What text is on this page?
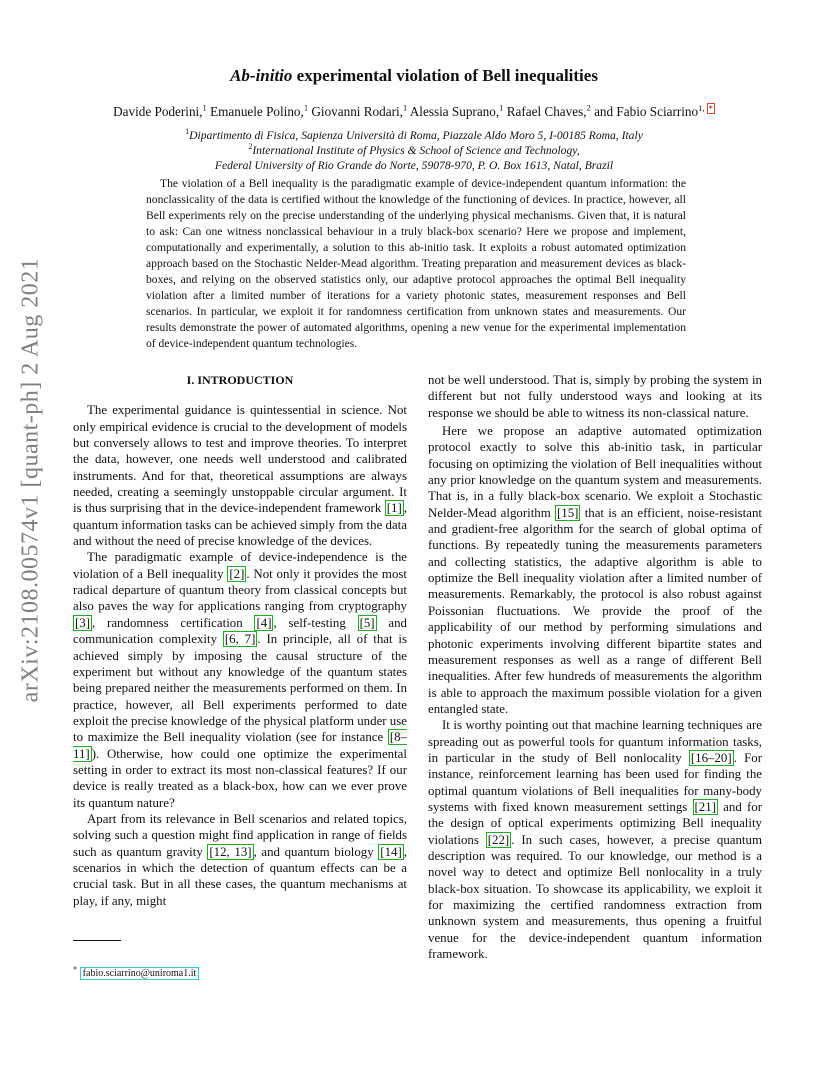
arXiv:2108.00574v1 [quant-ph] 2 Aug 2021
Ab-initio experimental violation of Bell inequalities
Davide Poderini,$^1$ Emanuele Polino,$^1$ Giovanni Rodari,$^1$ Alessia Suprano,$^1$ Rafael Chaves,$^2$ and Fabio Sciarrino$^{1, *}$
$^1$Dipartimento di Fisica, Sapienza Università di Roma, Piazzale Aldo Moro 5, I-00185 Roma, Italy
$^2$International Institute of Physics & School of Science and Technology,
Federal University of Rio Grande do Norte, 59078-970, P. O. Box 1613, Natal, Brazil

The violation of a Bell inequality is the paradigmatic example of device-independent quantum information: the nonclassicality of the data is certified without the knowledge of the functioning of devices. In practice, however, all Bell experiments rely on the precise understanding of the underlying physical mechanisms. Given that, it is natural to ask: Can one witness nonclassical behaviour in a truly black-box scenario? Here we propose and implement, computationally and experimentally, a solution to this ab-initio task. It exploits a robust automated optimization approach based on the Stochastic Nelder-Mead algorithm. Treating preparation and measurement devices as black-boxes, and relying on the observed statistics only, our adaptive protocol approaches the optimal Bell inequality violation after a limited number of iterations for a variety photonic states, measurement responses and Bell scenarios. In particular, we exploit it for randomness certification from unknown states and measurements. Our results demonstrate the power of automated algorithms, opening a new venue for the experimental implementation of device-independent quantum technologies.

I. INTRODUCTION

The experimental guidance is quintessential in science. Not only empirical evidence is crucial to the development of models but conversely allows to test and improve theories. To interpret the data, however, one needs well understood and calibrated instruments. And for that, theoretical assumptions are always needed, creating a seemingly unstoppable circular argument. It is thus surprising that in the device-independent framework [1] , quantum information tasks can be achieved simply from the data and without the need of precise knowledge of the devices.

The paradigmatic example of device-independence is the violation of a Bell inequality [2] . Not only it provides the most radical departure of quantum theory from classical concepts but also paves the way for applications ranging from cryptography [3] , randomness certification [4] , self-testing [5] and communication complexity [6, 7] . In principle, all of that is achieved simply by imposing the causal structure of the experiment but without any knowledge of the quantum states being prepared neither the measurements performed on them. In practice, however, all Bell experiments performed to date exploit the precise knowledge of the physical platform under use to maximize the Bell inequality violation (see for instance [8–11] ). Otherwise, how could one optimize the experimental setting in order to extract its most non-classical features? If our device is really treated as a black-box, how can we ever prove its quantum nature?

Apart from its relevance in Bell scenarios and related topics, solving such a question might find application in range of fields such as quantum gravity [12, 13] , and quantum biology [14] , scenarios in which the detection of quantum effects can be a crucial task. But in all these cases, the quantum mechanisms at play, if any, might

not be well understood. That is, simply by probing the system in different but not fully understood ways and looking at its response we should be able to witness its non-classical nature.

Here we propose an adaptive automated optimization protocol exactly to solve this ab-initio task, in particular focusing on optimizing the violation of Bell inequalities without any prior knowledge on the quantum system and measurements. That is, in a fully black-box scenario. We exploit a Stochastic Nelder-Mead algorithm [15] that is an efficient, noise-resistant and gradient-free algorithm for the search of global optima of functions. By repeatedly tuning the measurements parameters and collecting statistics, the adaptive algorithm is able to optimize the Bell inequality violation after a limited number of measurements. Remarkably, the protocol is also robust against Poissonian fluctuations. We provide the proof of the applicability of our method by performing simulations and photonic experiments involving different bipartite states and measurement responses as well as a range of different Bell inequalities. After few hundreds of measurements the algorithm is able to approach the maximum possible violation for a given entangled state.

It is worthy pointing out that machine learning techniques are spreading out as powerful tools for quantum information tasks, in particular in the study of Bell nonlocality [16–20] . For instance, reinforcement learning has been used for finding the optimal quantum violations of Bell inequalities for many-body systems with fixed known measurement settings [21] and for the design of optical experiments optimizing Bell inequality violations [22] . In such cases, however, a precise quantum description was required. To our knowledge, our method is a novel way to detect and optimize Bell nonlocality in a truly black-box situation. To showcase its applicability, we exploit it for maximizing the certified randomness extraction from unknown system and measurements, thus opening a fruitful venue for the device-independent quantum information framework.

* fabio.sciarrino@uniroma1.it
